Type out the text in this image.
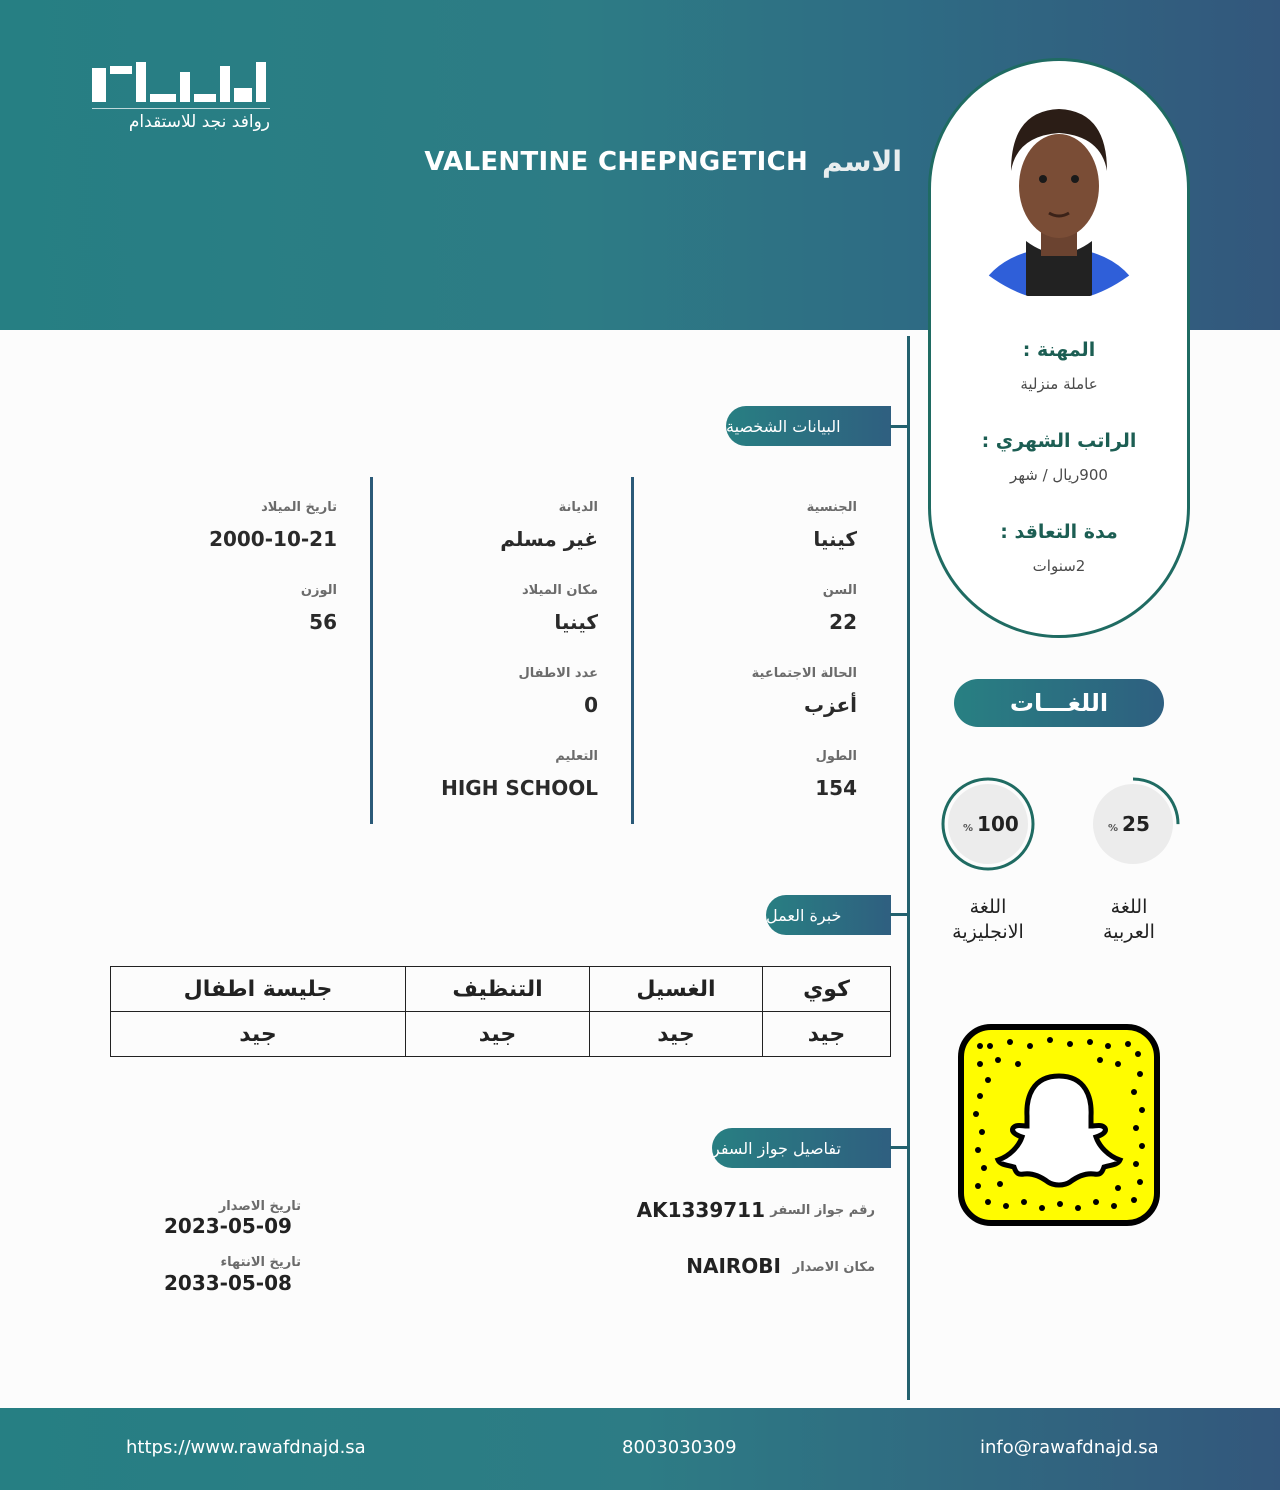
روافد نجد للاستقدام
الاسم
VALENTINE CHEPNGETICH
المهنة :
عاملة منزلية
الراتب الشهري :
900ريال / شهر
مدة التعاقد :
2سنوات
البيانات الشخصية
الجنسية
كينيا
الديانة
غير مسلم
تاريخ الميلاد
2000-10-21
السن
22
مكان الميلاد
كينيا
الوزن
56
الحالة الاجتماعية
أعزب
عدد الاطفال
0
الطول
154
التعليم
HIGH SCHOOL
اللغـــات
% 25
% 100
اللغة
العربية
اللغة
الانجليزية
خبرة العمل
كوي	الغسيل	التنظيف	جليسة اطفال
جيد	جيد	جيد	جيد
تفاصيل جواز السفر
رقم جواز السفر
AK1339711
مكان الاصدار
NAIROBI
تاريخ الاصدار
2023-05-09
تاريخ الانتهاء
2033-05-08
https://www.rawafdnajd.sa	8003030309	info@rawafdnajd.sa
